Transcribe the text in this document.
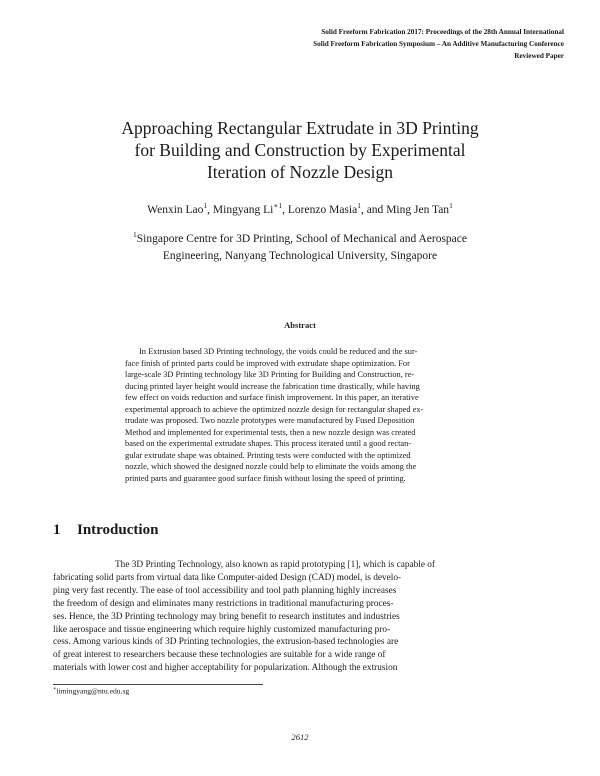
Solid Freeform Fabrication 2017: Proceedings of the 28th Annual International
Solid Freeform Fabrication Symposium – An Additive Manufacturing Conference
Reviewed Paper
Approaching Rectangular Extrudate in 3D Printing
for Building and Construction by Experimental
Iteration of Nozzle Design
Wenxin Lao$^1$, Mingyang $Li^{∗1}$, Lorenzo Masia$^1$, and Ming Jen Tan$^1$
$^1$Singapore Centre for 3D Printing, School of Mechanical and Aerospace
Engineering, Nanyang Technological University, Singapore
Abstract
In Extrusion based 3D Printing technology, the voids could be reduced and the sur-
face finish of printed parts could be improved with extrudate shape optimization. For
large-scale 3D Printing technology like 3D Printing for Building and Construction, re-
ducing printed layer height would increase the fabrication time drastically, while having
few effect on voids reduction and surface finish improvement. In this paper, an iterative
experimental approach to achieve the optimized nozzle design for rectangular shaped ex-
trudate was proposed. Two nozzle prototypes were manufactured by Fused Deposition
Method and implemented for experimental tests, then a new nozzle design was created
based on the experimental extrudate shapes. This process iterated until a good rectan-
gular extrudate shape was obtained. Printing tests were conducted with the optimized
nozzle, which showed the designed nozzle could help to eliminate the voids among the
printed parts and guarantee good surface finish without losing the speed of printing.
1 Introduction
The 3D Printing Technology, also known as rapid prototyping [1], which is capable of
fabricating solid parts from virtual data like Computer-aided Design (CAD) model, is develo-
ping very fast recently. The ease of tool accessibility and tool path planning highly increases
the freedom of design and eliminates many restrictions in traditional manufacturing proces-
ses. Hence, the 3D Printing technology may bring benefit to research institutes and industries
like aerospace and tissue engineering which require highly customized manufacturing pro-
cess. Among various kinds of 3D Printing technologies, the extrusion-based technologies are
of great interest to researchers because these technologies are suitable for a wide range of
materials with lower cost and higher acceptability for popularization. Although the extrusion
∗limingyang@ntu.edu.sg
2612
